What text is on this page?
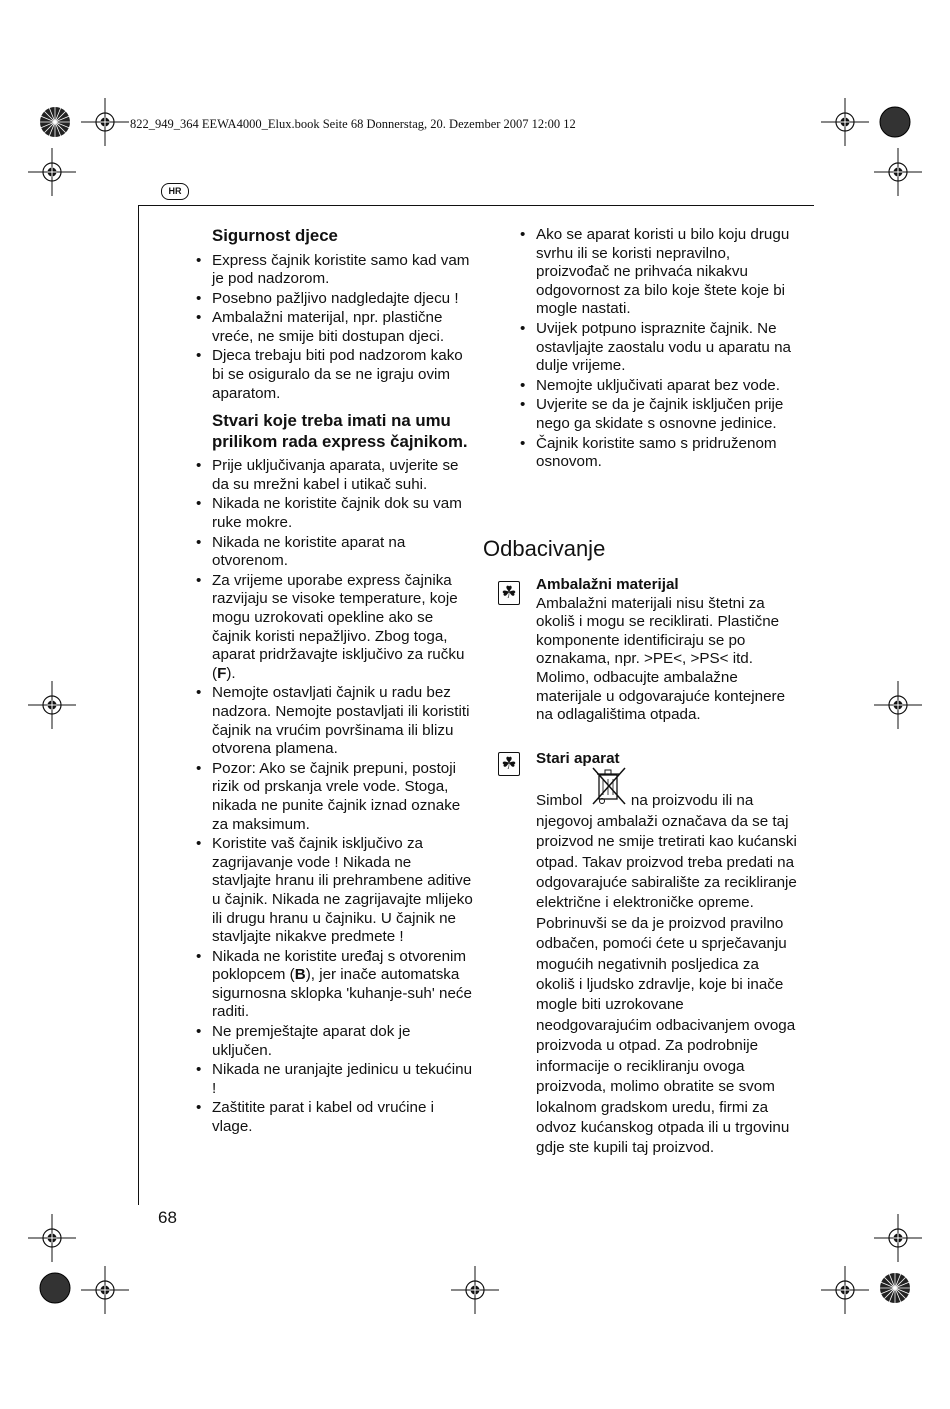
822_949_364 EEWA4000_Elux.book Seite 68 Donnerstag, 20. Dezember 2007 12:00 12
HR
Sigurnost djece
• Express čajnik koristite samo kad vam je pod nadzorom.
• Posebno pažljivo nadgledajte djecu !
• Ambalažni materijal, npr. plastične vreće, ne smije biti dostupan djeci.
• Djeca trebaju biti pod nadzorom kako bi se osiguralo da se ne igraju ovim aparatom.
Stvari koje treba imati na umu prilikom rada express čajnikom.
• Prije uključivanja aparata, uvjerite se da su mrežni kabel i utikač suhi.
• Nikada ne koristite čajnik dok su vam ruke mokre.
• Nikada ne koristite aparat na otvorenom.
• Za vrijeme uporabe express čajnika razvijaju se visoke temperature, koje mogu uzrokovati opekline ako se čajnik koristi nepažljivo. Zbog toga, aparat pridržavajte isključivo za ručku (F).
• Nemojte ostavljati čajnik u radu bez nadzora. Nemojte postavljati ili koristiti čajnik na vrućim površinama ili blizu otvorena plamena.
• Pozor: Ako se čajnik prepuni, postoji rizik od prskanja vrele vode. Stoga, nikada ne punite čajnik iznad oznake za maksimum.
• Koristite vaš čajnik isključivo za zagrijavanje vode ! Nikada ne stavljajte hranu ili prehrambene aditive u čajnik. Nikada ne zagrijavajte mlijeko ili drugu hranu u čajniku. U čajnik ne stavljajte nikakve predmete !
• Nikada ne koristite uređaj s otvorenim poklopcem (B), jer inače automatska sigurnosna sklopka 'kuhanje-suh' neće raditi.
• Ne premještajte aparat dok je uključen.
• Nikada ne uranjajte jedinicu u tekućinu !
• Zaštitite parat i kabel od vrućine i vlage.
• Ako se aparat koristi u bilo koju drugu svrhu ili se koristi nepravilno, proizvođač ne prihvaća nikakvu odgovornost za bilo koje štete koje bi mogle nastati.
• Uvijek potpuno ispraznite čajnik. Ne ostavljajte zaostalu vodu u aparatu na dulje vrijeme.
• Nemojte uključivati aparat bez vode.
• Uvjerite se da je čajnik isključen prije nego ga skidate s osnovne jedinice.
• Čajnik koristite samo s pridruženom osnovom.
Odbacivanje
☘ Ambalažni materijal

Ambalažni materijali nisu štetni za okoliš i mogu se reciklirati. Plastične komponente identificiraju se po oznakama, npr. >PE<, >PS< itd. Molimo, odbacujte ambalažne materijale u odgovarajuće kontejnere na odlagalištima otpada.

☘ Stari aparat

Simbol	na proizvodu ili na njegovoj ambalaži označava da se taj proizvod ne smije tretirati kao kućanski otpad. Takav proizvod treba predati na odgovarajuće sabiralište za recikliranje električne i elektroničke opreme. Pobrinuvši se da je proizvod pravilno odbačen, pomoći ćete u sprječavanju mogućih negativnih posljedica za okoliš i ljudsko zdravlje, koje bi inače mogle biti uzrokovane neodgovarajućim odbacivanjem ovoga proizvoda u otpad. Za podrobnije informacije o recikliranju ovoga proizvoda, molimo obratite se svom lokalnom gradskom uredu, firmi za odvoz kućanskog otpada ili u trgovinu gdje ste kupili taj proizvod.

68
